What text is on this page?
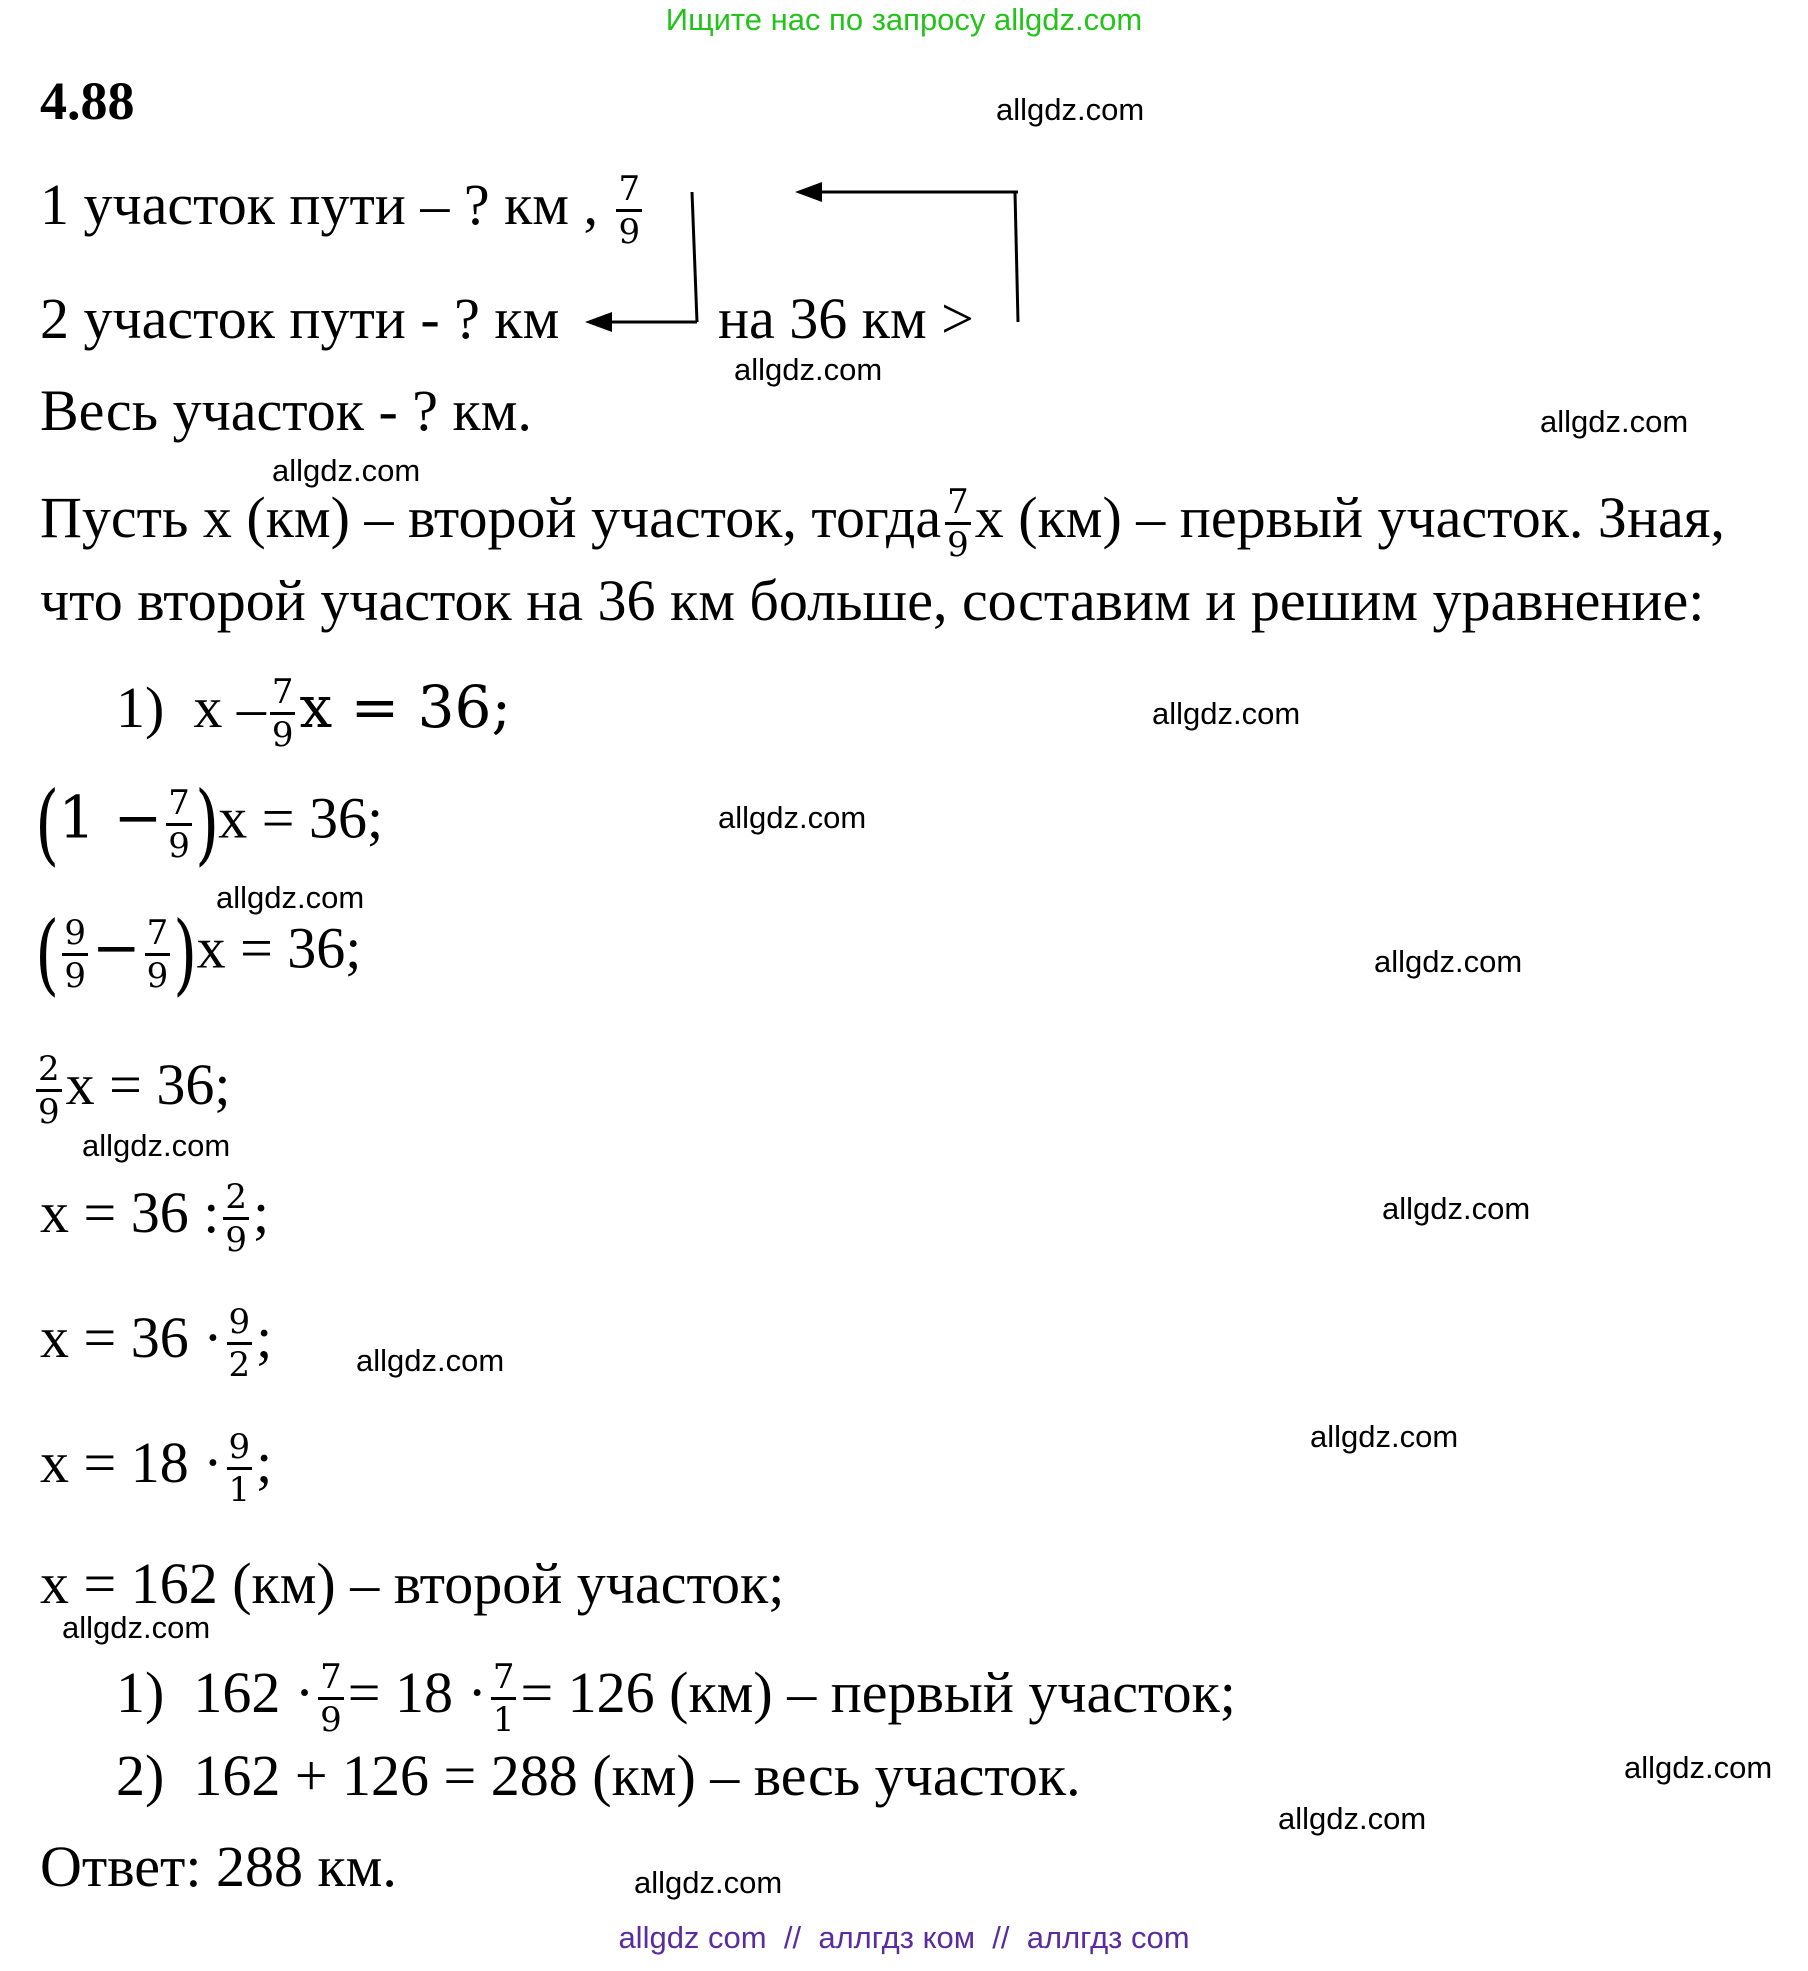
Ищите нас по запросу allgdz.com
4.88
1 участок пути – ? км , $\frac{7}{9}$
2 участок пути - ? км	на 36 км >
Весь участок - ? км.
Пусть х (км) – второй участок, тогда $\frac{7}{9}$ х (км) – первый участок. Зная,
что второй участок на 36 км больше, составим и решим уравнение:
1) x – $\frac{7}{9}$ x = 36;
$(1 - \frac{7}{9} )х = 36$;
( $\frac{9}{9} - \frac{7}{9} )х = 36$;
$\frac{2}{9}$ х = 36;
х = 36 : $\frac{2}{9}$ ;
$х = 36 \cdot \frac{9}{2}$ ;
$х = 18 \cdot \frac{9}{1}$ ;
х = 162 (км) – второй участок;
1) $162 \cdot \frac{7}{9} = 18 \cdot \frac{7}{1} = 126$ (км) – первый участок;
2) 162 + 126 = 288 (км) – весь участок.
Ответ: 288 км.
allgdz.com
allgdz.com
allgdz.com
allgdz.com
allgdz.com
allgdz.com
allgdz.com
allgdz.com
allgdz.com
allgdz.com
allgdz.com
allgdz.com
allgdz.com
allgdz.com
allgdz.com
allgdz.com
allgdz com // аллгдз ком // аллгдз com
